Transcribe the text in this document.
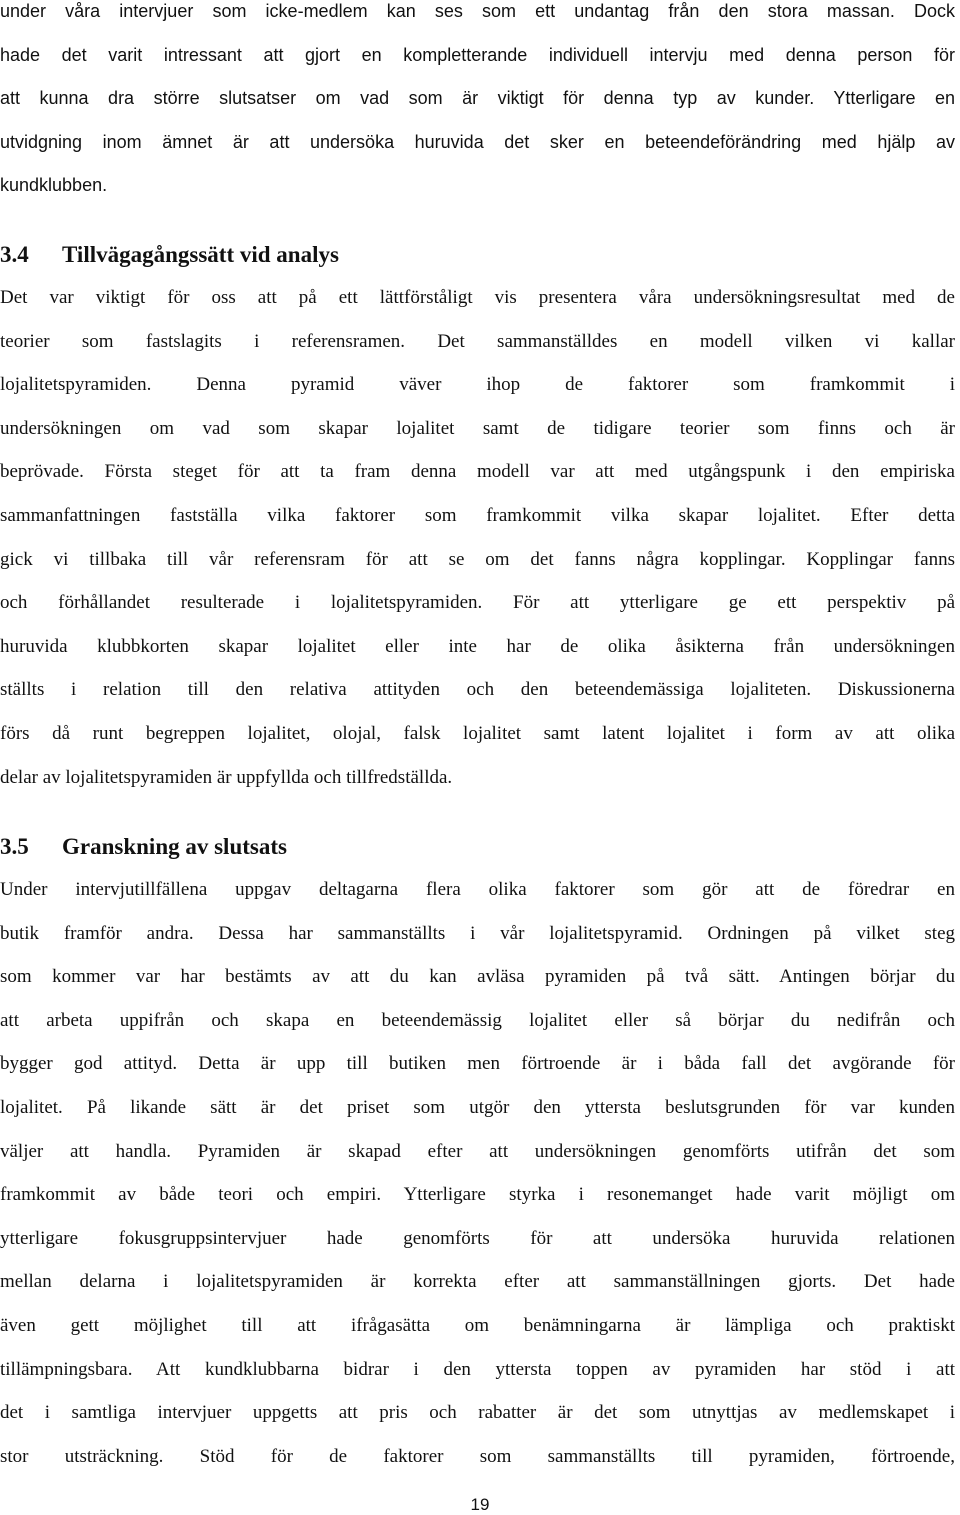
under våra intervjuer som icke-medlem kan ses som ett undantag från den stora massan. Dock
hade det varit intressant att gjort en kompletterande individuell intervju med denna person för
att kunna dra större slutsatser om vad som är viktigt för denna typ av kunder. Ytterligare en
utvidgning inom ämnet är att undersöka huruvida det sker en beteendeförändring med hjälp av
kundklubben.
3.4 Tillvägagångssätt vid analys
Det var viktigt för oss att på ett lättförståligt vis presentera våra undersökningsresultat med de
teorier som fastslagits i referensramen. Det sammanställdes en modell vilken vi kallar
lojalitetspyramiden. Denna pyramid väver ihop de faktorer som framkommit i
undersökningen om vad som skapar lojalitet samt de tidigare teorier som finns och är
beprövade. Första steget för att ta fram denna modell var att med utgångspunk i den empiriska
sammanfattningen fastställa vilka faktorer som framkommit vilka skapar lojalitet. Efter detta
gick vi tillbaka till vår referensram för att se om det fanns några kopplingar. Kopplingar fanns
och förhållandet resulterade i lojalitetspyramiden. För att ytterligare ge ett perspektiv på
huruvida klubbkorten skapar lojalitet eller inte har de olika åsikterna från undersökningen
ställts i relation till den relativa attityden och den beteendemässiga lojaliteten. Diskussionerna
förs då runt begreppen lojalitet, olojal, falsk lojalitet samt latent lojalitet i form av att olika
delar av lojalitetspyramiden är uppfyllda och tillfredställda.
3.5 Granskning av slutsats
Under intervjutillfällena uppgav deltagarna flera olika faktorer som gör att de föredrar en
butik framför andra. Dessa har sammanställts i vår lojalitetspyramid. Ordningen på vilket steg
som kommer var har bestämts av att du kan avläsa pyramiden på två sätt. Antingen börjar du
att arbeta uppifrån och skapa en beteendemässig lojalitet eller så börjar du nedifrån och
bygger god attityd. Detta är upp till butiken men förtroende är i båda fall det avgörande för
lojalitet. På likande sätt är det priset som utgör den yttersta beslutsgrunden för var kunden
väljer att handla. Pyramiden är skapad efter att undersökningen genomförts utifrån det som
framkommit av både teori och empiri. Ytterligare styrka i resonemanget hade varit möjligt om
ytterligare fokusgruppsintervjuer hade genomförts för att undersöka huruvida relationen
mellan delarna i lojalitetspyramiden är korrekta efter att sammanställningen gjorts. Det hade
även gett möjlighet till att ifrågasätta om benämningarna är lämpliga och praktiskt
tillämpningsbara. Att kundklubbarna bidrar i den yttersta toppen av pyramiden har stöd i att
det i samtliga intervjuer uppgetts att pris och rabatter är det som utnyttjas av medlemskapet i
stor utsträckning. Stöd för de faktorer som sammanställts till pyramiden, förtroende,
19
